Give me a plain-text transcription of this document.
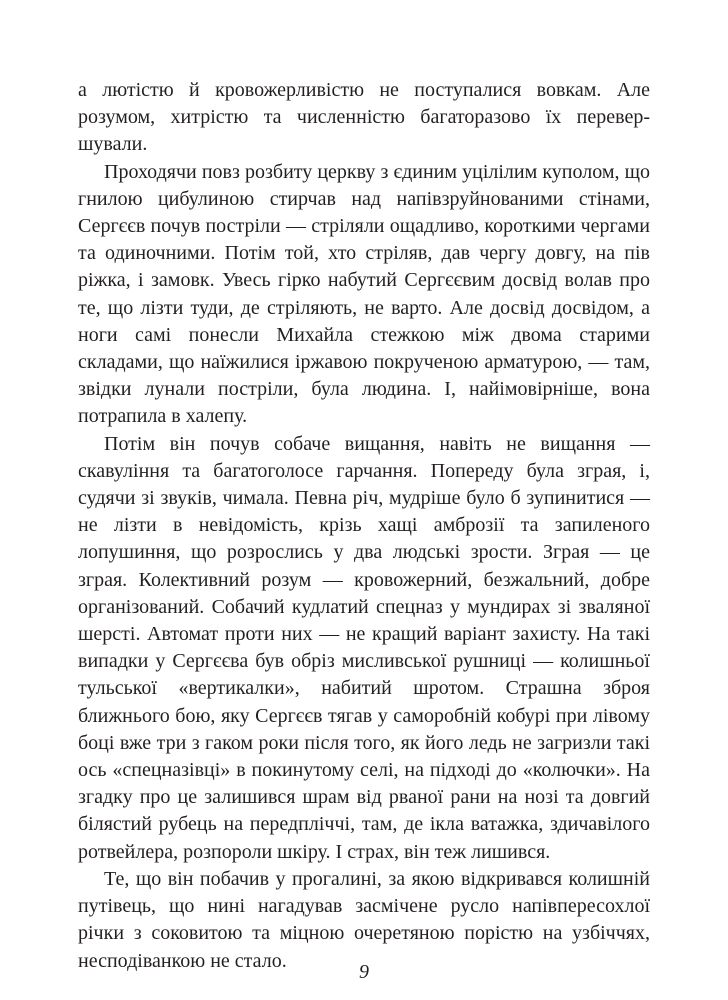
а лютістю й кровожерливістю не поступалися вовкам. Але розумом, хитрістю та численністю багаторазово їх перевершували.

Проходячи повз розбиту церкву з єдиним уцілілим куполом, що гнилою цибулиною стирчав над напівзруйнованими стінами, Сергєєв почув постріли — стріляли ощадливо, короткими чергами та одиночними. Потім той, хто стріляв, дав чергу довгу, на пів ріжка, і замовк. Увесь гірко набутий Сергєєвим досвід волав про те, що лізти туди, де стріляють, не варто. Але досвід досвідом, а ноги самі понесли Михайла стежкою між двома старими складами, що наїжилися іржавою покрученою арматурою, — там, звідки лунали постріли, була людина. І, найімовірніше, вона потрапила в халепу.

Потім він почув собаче вищання, навіть не вищання — скавуління та багатоголосе гарчання. Попереду була зграя, і, судячи зі звуків, чимала. Певна річ, мудріше було б зупинитися — не лізти в невідомість, крізь хащі амброзії та запиленого лопушиння, що розрослись у два людські зрости. Зграя — це зграя. Колективний розум — кровожерний, безжальний, добре організований. Собачий кудлатий спецназ у мундирах зі зваляної шерсті. Автомат проти них — не кращий варіант захисту. На такі випадки у Сергєєва був обріз мисливської рушниці — колишньої тульської «вертикалки», набитий шротом. Страшна зброя ближнього бою, яку Сергєєв тягав у саморобній кобурі при лівому боці вже три з гаком роки після того, як його ледь не загризли такі ось «спецназівці» в покинутому селі, на підході до «колючки». На згадку про це залишився шрам від рваної рани на нозі та довгий білястий рубець на передпліччі, там, де ікла ватажка, здичавілого ротвейлера, розпороли шкіру. І страх, він теж лишився.

Те, що він побачив у прогалині, за якою відкривався колишній путівець, що нині нагадував засмічене русло напівпересохлої річки з соковитою та міцною очеретяною порістю на узбіччях, несподіванкою не стало.

9
